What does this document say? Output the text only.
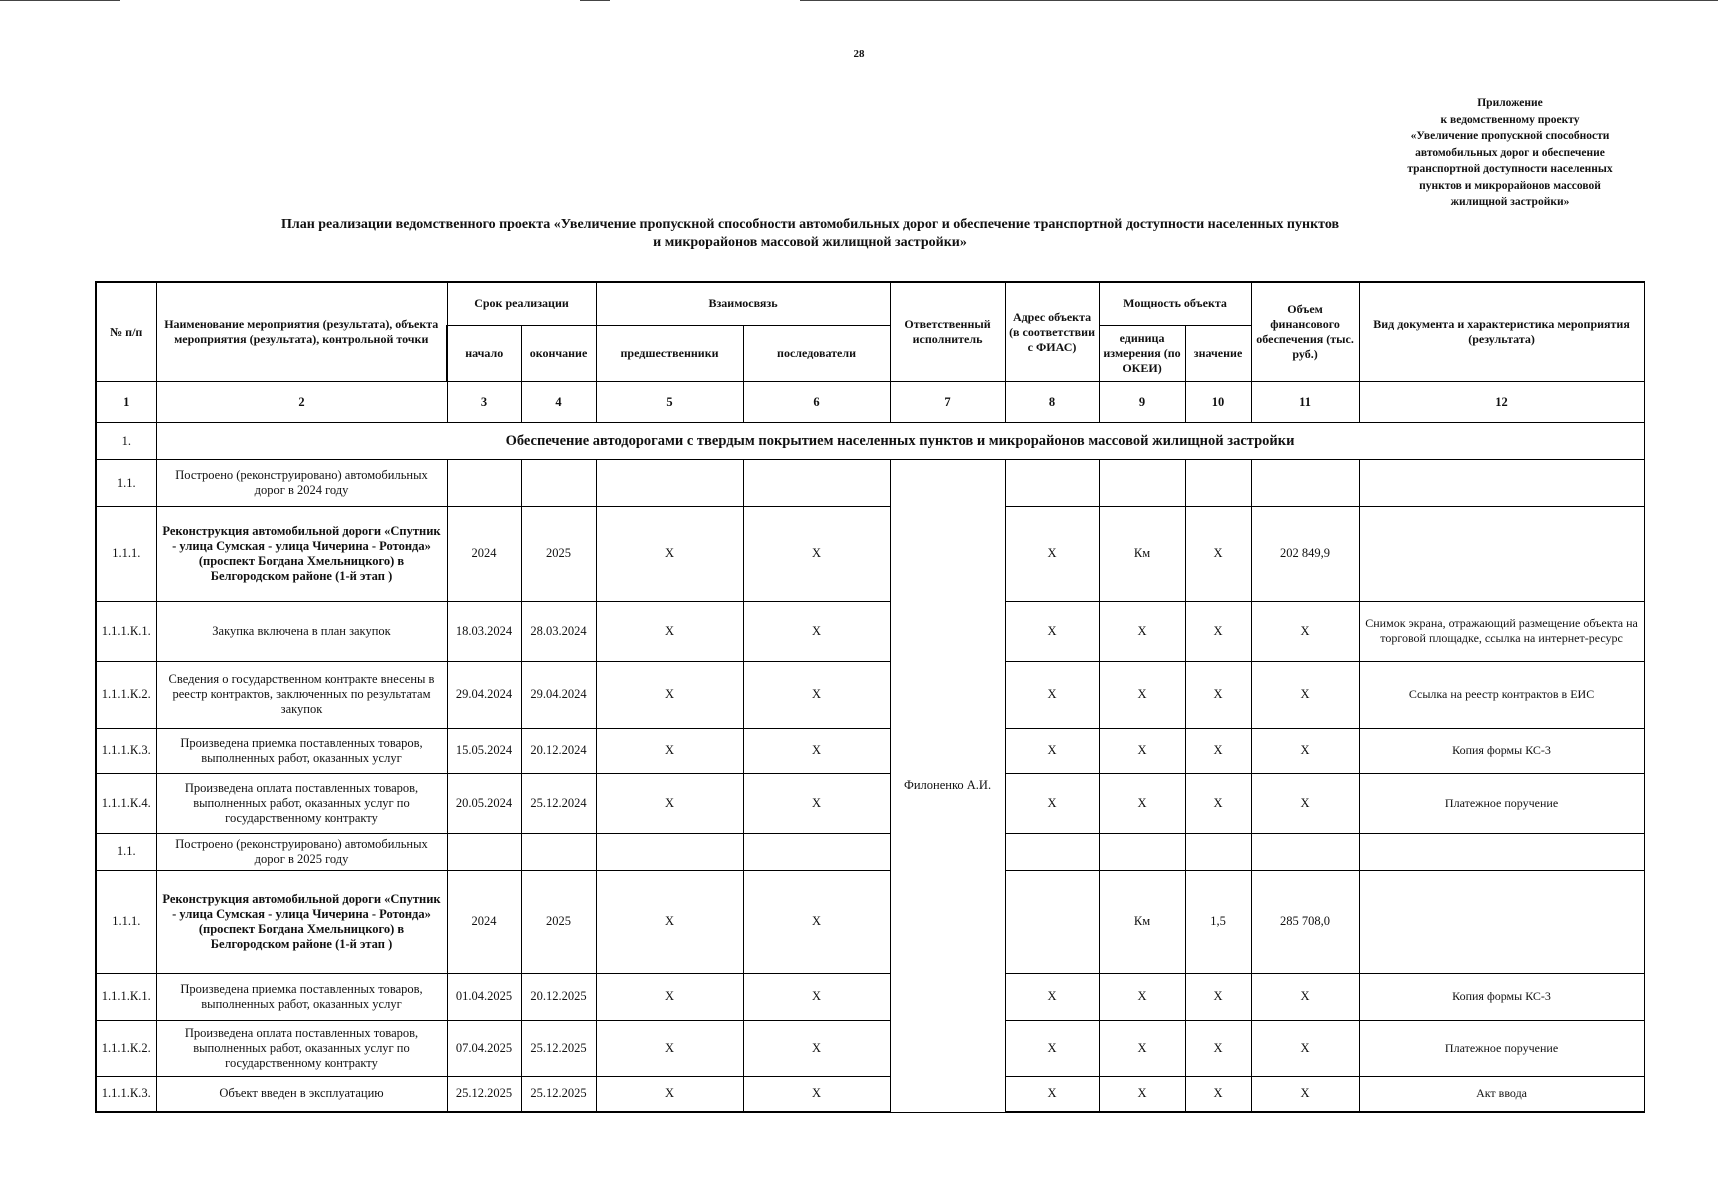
28
Приложение
к ведомственному проекту
«Увеличение пропускной способности
автомобильных дорог и обеспечение
транспортной доступности населенных
пунктов и микрорайонов массовой
жилищной застройки»
План реализации ведомственного проекта «Увеличение пропускной способности автомобильных дорог и обеспечение транспортной доступности населенных пунктов
и микрорайонов массовой жилищной застройки»
№ п/п	Наименование мероприятия (результата), объекта мероприятия (результата), контрольной точки	Срок реализации		Взаимосвязь		Ответственный исполнитель	Адрес объекта (в соответствии с ФИАС)	Мощность объекта		Объем финансового обеспечения (тыс. руб.)	Вид документа и характеристика мероприятия (результата)
		начало	окончание	предшественники	последователи			единица измерения (по ОКЕИ)	значение		
1	2	3	4	5	6	7	8	9	10	11	12
1.	Обеспечение автодорогами с твердым покрытием населенных пунктов и микрорайонов массовой жилищной застройки										
1.1.	Построено (реконструировано) автомобильных дорог в 2024 году					Филоненко А.И.					
1.1.1.	Реконструкция автомобильной дороги «Спутник - улица Сумская - улица Чичерина - Ротонда» (проспект Богдана Хмельницкого) в Белгородском районе (1-й этап )	2024	2025	X	X		X	Км	X	202 849,9	
1.1.1.К.1.	Закупка включена в план закупок	18.03.2024	28.03.2024	X	X		X	X	X	X	Снимок экрана, отражающий размещение объекта на торговой площадке, ссылка на интернет-ресурс
1.1.1.К.2.	Сведения о государственном контракте внесены в реестр контрактов, заключенных по результатам закупок	29.04.2024	29.04.2024	X	X		X	X	X	X	Ссылка на реестр контрактов в ЕИС
1.1.1.К.3.	Произведена приемка поставленных товаров, выполненных работ, оказанных услуг	15.05.2024	20.12.2024	X	X		X	X	X	X	Копия формы КС-3
1.1.1.К.4.	Произведена оплата поставленных товаров, выполненных работ, оказанных услуг по государственному контракту	20.05.2024	25.12.2024	X	X		X	X	X	X	Платежное поручение
1.1.	Построено (реконструировано) автомобильных дорог в 2025 году										
1.1.1.	Реконструкция автомобильной дороги «Спутник - улица Сумская - улица Чичерина - Ротонда» (проспект Богдана Хмельницкого) в Белгородском районе (1-й этап )	2024	2025	X	X			Км	1,5	285 708,0	
1.1.1.К.1.	Произведена приемка поставленных товаров, выполненных работ, оказанных услуг	01.04.2025	20.12.2025	X	X		X	X	X	X	Копия формы КС-3
1.1.1.К.2.	Произведена оплата поставленных товаров, выполненных работ, оказанных услуг по государственному контракту	07.04.2025	25.12.2025	X	X		X	X	X	X	Платежное поручение
1.1.1.К.3.	Объект введен в эксплуатацию	25.12.2025	25.12.2025	X	X		X	X	X	X	Акт ввода
